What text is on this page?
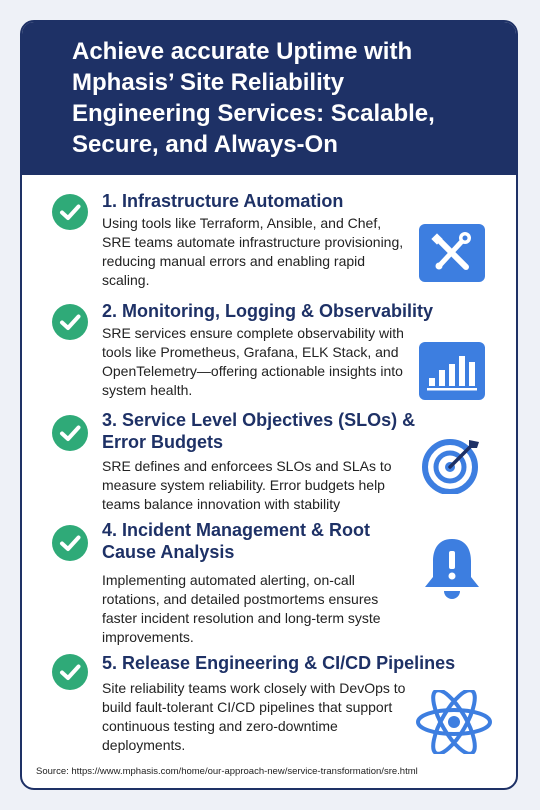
Achieve accurate Uptime with
Mphasis’ Site Reliability
Engineering Services: Scalable,
Secure, and Always-On

1. Infrastructure Automation

Using tools like Terraform, Ansible, and Chef, SRE teams automate infrastructure provisioning, reducing manual errors and enabling rapid scaling.

2. Monitoring, Logging & Observability

SRE services ensure complete observability with tools like Prometheus, Grafana, ELK Stack, and OpenTelemetry—offering actionable insights into system health.

3. Service Level Objectives (SLOs) & Error Budgets

SRE defines and enforcees SLOs and SLAs to measure system reliability. Error budgets help teams balance innovation with stability

4. Incident Management & Root Cause Analysis

Implementing automated alerting, on-call rotations, and detailed postmortems ensures faster incident resolution and long-term syste improvements.

5. Release Engineering & CI/CD Pipelines

Site reliability teams work closely with DevOps to build fault-tolerant CI/CD pipelines that support continuous testing and zero-downtime deployments.

Source: https://www.mphasis.com/home/our-approach-new/service-transformation/sre.html
